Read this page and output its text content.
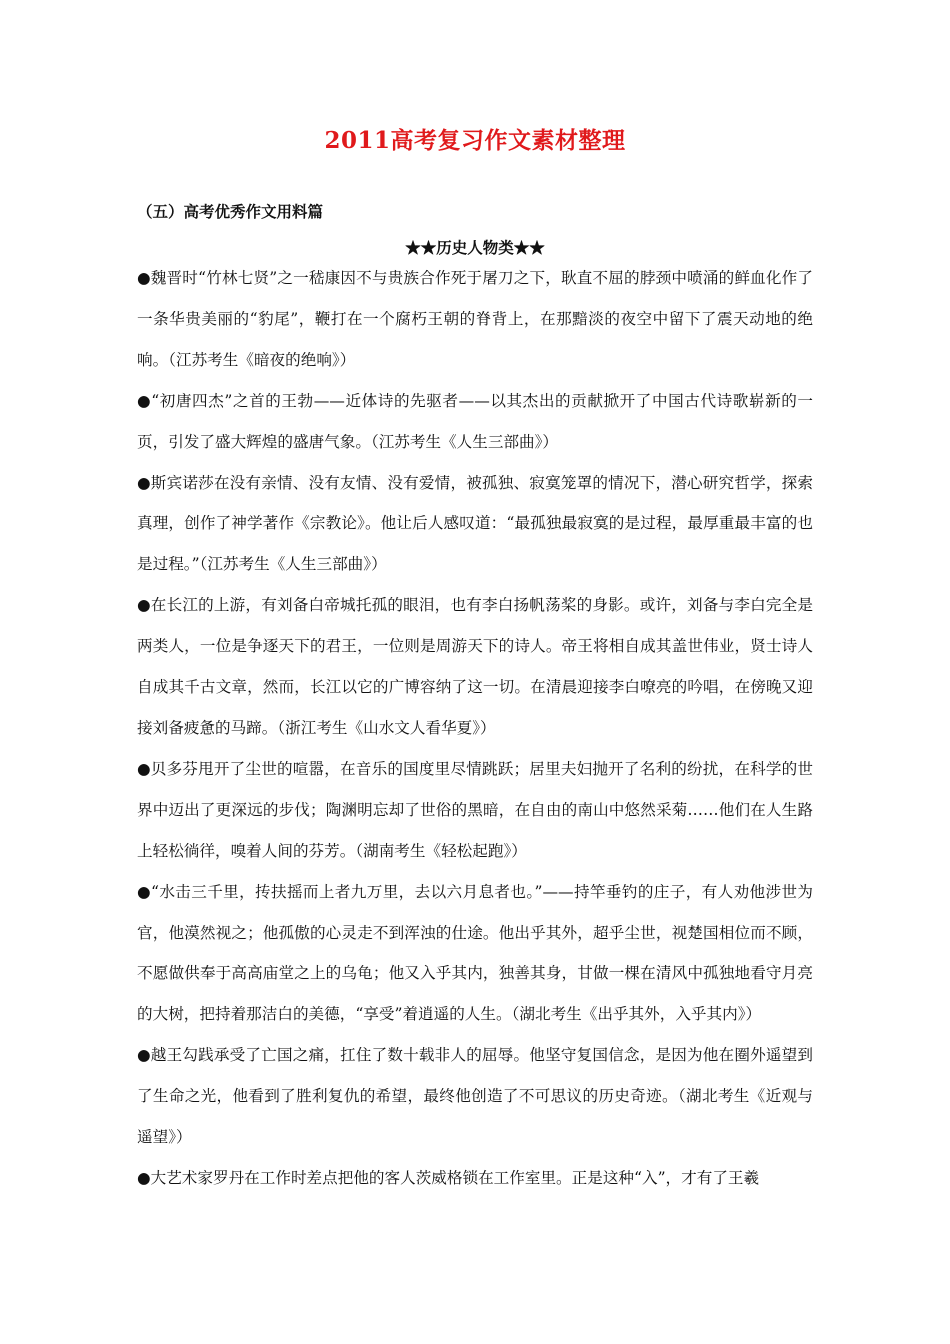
2011高考复习作文素材整理
（五）高考优秀作文用料篇
★★历史人物类★★

●魏晋时“竹林七贤”之一嵇康因不与贵族合作死于屠刀之下，耿直不屈的脖颈中喷涌的鲜血化作了一条华贵美丽的“豹尾”，鞭打在一个腐朽王朝的脊背上，在那黯淡的夜空中留下了震天动地的绝响。（江苏考生《暗夜的绝响》）

●“初唐四杰”之首的王勃——近体诗的先驱者——以其杰出的贡献掀开了中国古代诗歌崭新的一页，引发了盛大辉煌的盛唐气象。（江苏考生《人生三部曲》）

●斯宾诺莎在没有亲情、没有友情、没有爱情，被孤独、寂寞笼罩的情况下，潜心研究哲学，探索真理，创作了神学著作《宗教论》。他让后人感叹道：“最孤独最寂寞的是过程，最厚重最丰富的也是过程。”（江苏考生《人生三部曲》）

●在长江的上游，有刘备白帝城托孤的眼泪，也有李白扬帆荡桨的身影。或许，刘备与李白完全是两类人，一位是争逐天下的君王，一位则是周游天下的诗人。帝王将相自成其盖世伟业，贤士诗人自成其千古文章，然而，长江以它的广博容纳了这一切。在清晨迎接李白嘹亮的吟唱，在傍晚又迎接刘备疲惫的马蹄。（浙江考生《山水文人看华夏》）

●贝多芬甩开了尘世的喧嚣，在音乐的国度里尽情跳跃；居里夫妇抛开了名利的纷扰，在科学的世界中迈出了更深远的步伐；陶渊明忘却了世俗的黑暗，在自由的南山中悠然采菊……他们在人生路上轻松徜徉，嗅着人间的芬芳。（湖南考生《轻松起跑》）

●“水击三千里，抟扶摇而上者九万里，去以六月息者也。”——持竿垂钓的庄子，有人劝他涉世为官，他漠然视之；他孤傲的心灵走不到浑浊的仕途。他出乎其外，超乎尘世，视楚国相位而不顾，不愿做供奉于高高庙堂之上的乌龟；他又入乎其内，独善其身，甘做一棵在清风中孤独地看守月亮的大树，把持着那洁白的美德，“享受”着逍遥的人生。（湖北考生《出乎其外，入乎其内》）

●越王勾践承受了亡国之痛，扛住了数十载非人的屈辱。他坚守复国信念，是因为他在圈外遥望到了生命之光，他看到了胜利复仇的希望，最终他创造了不可思议的历史奇迹。（湖北考生《近观与遥望》）

●大艺术家罗丹在工作时差点把他的客人茨威格锁在工作室里。正是这种“入”，才有了王羲
